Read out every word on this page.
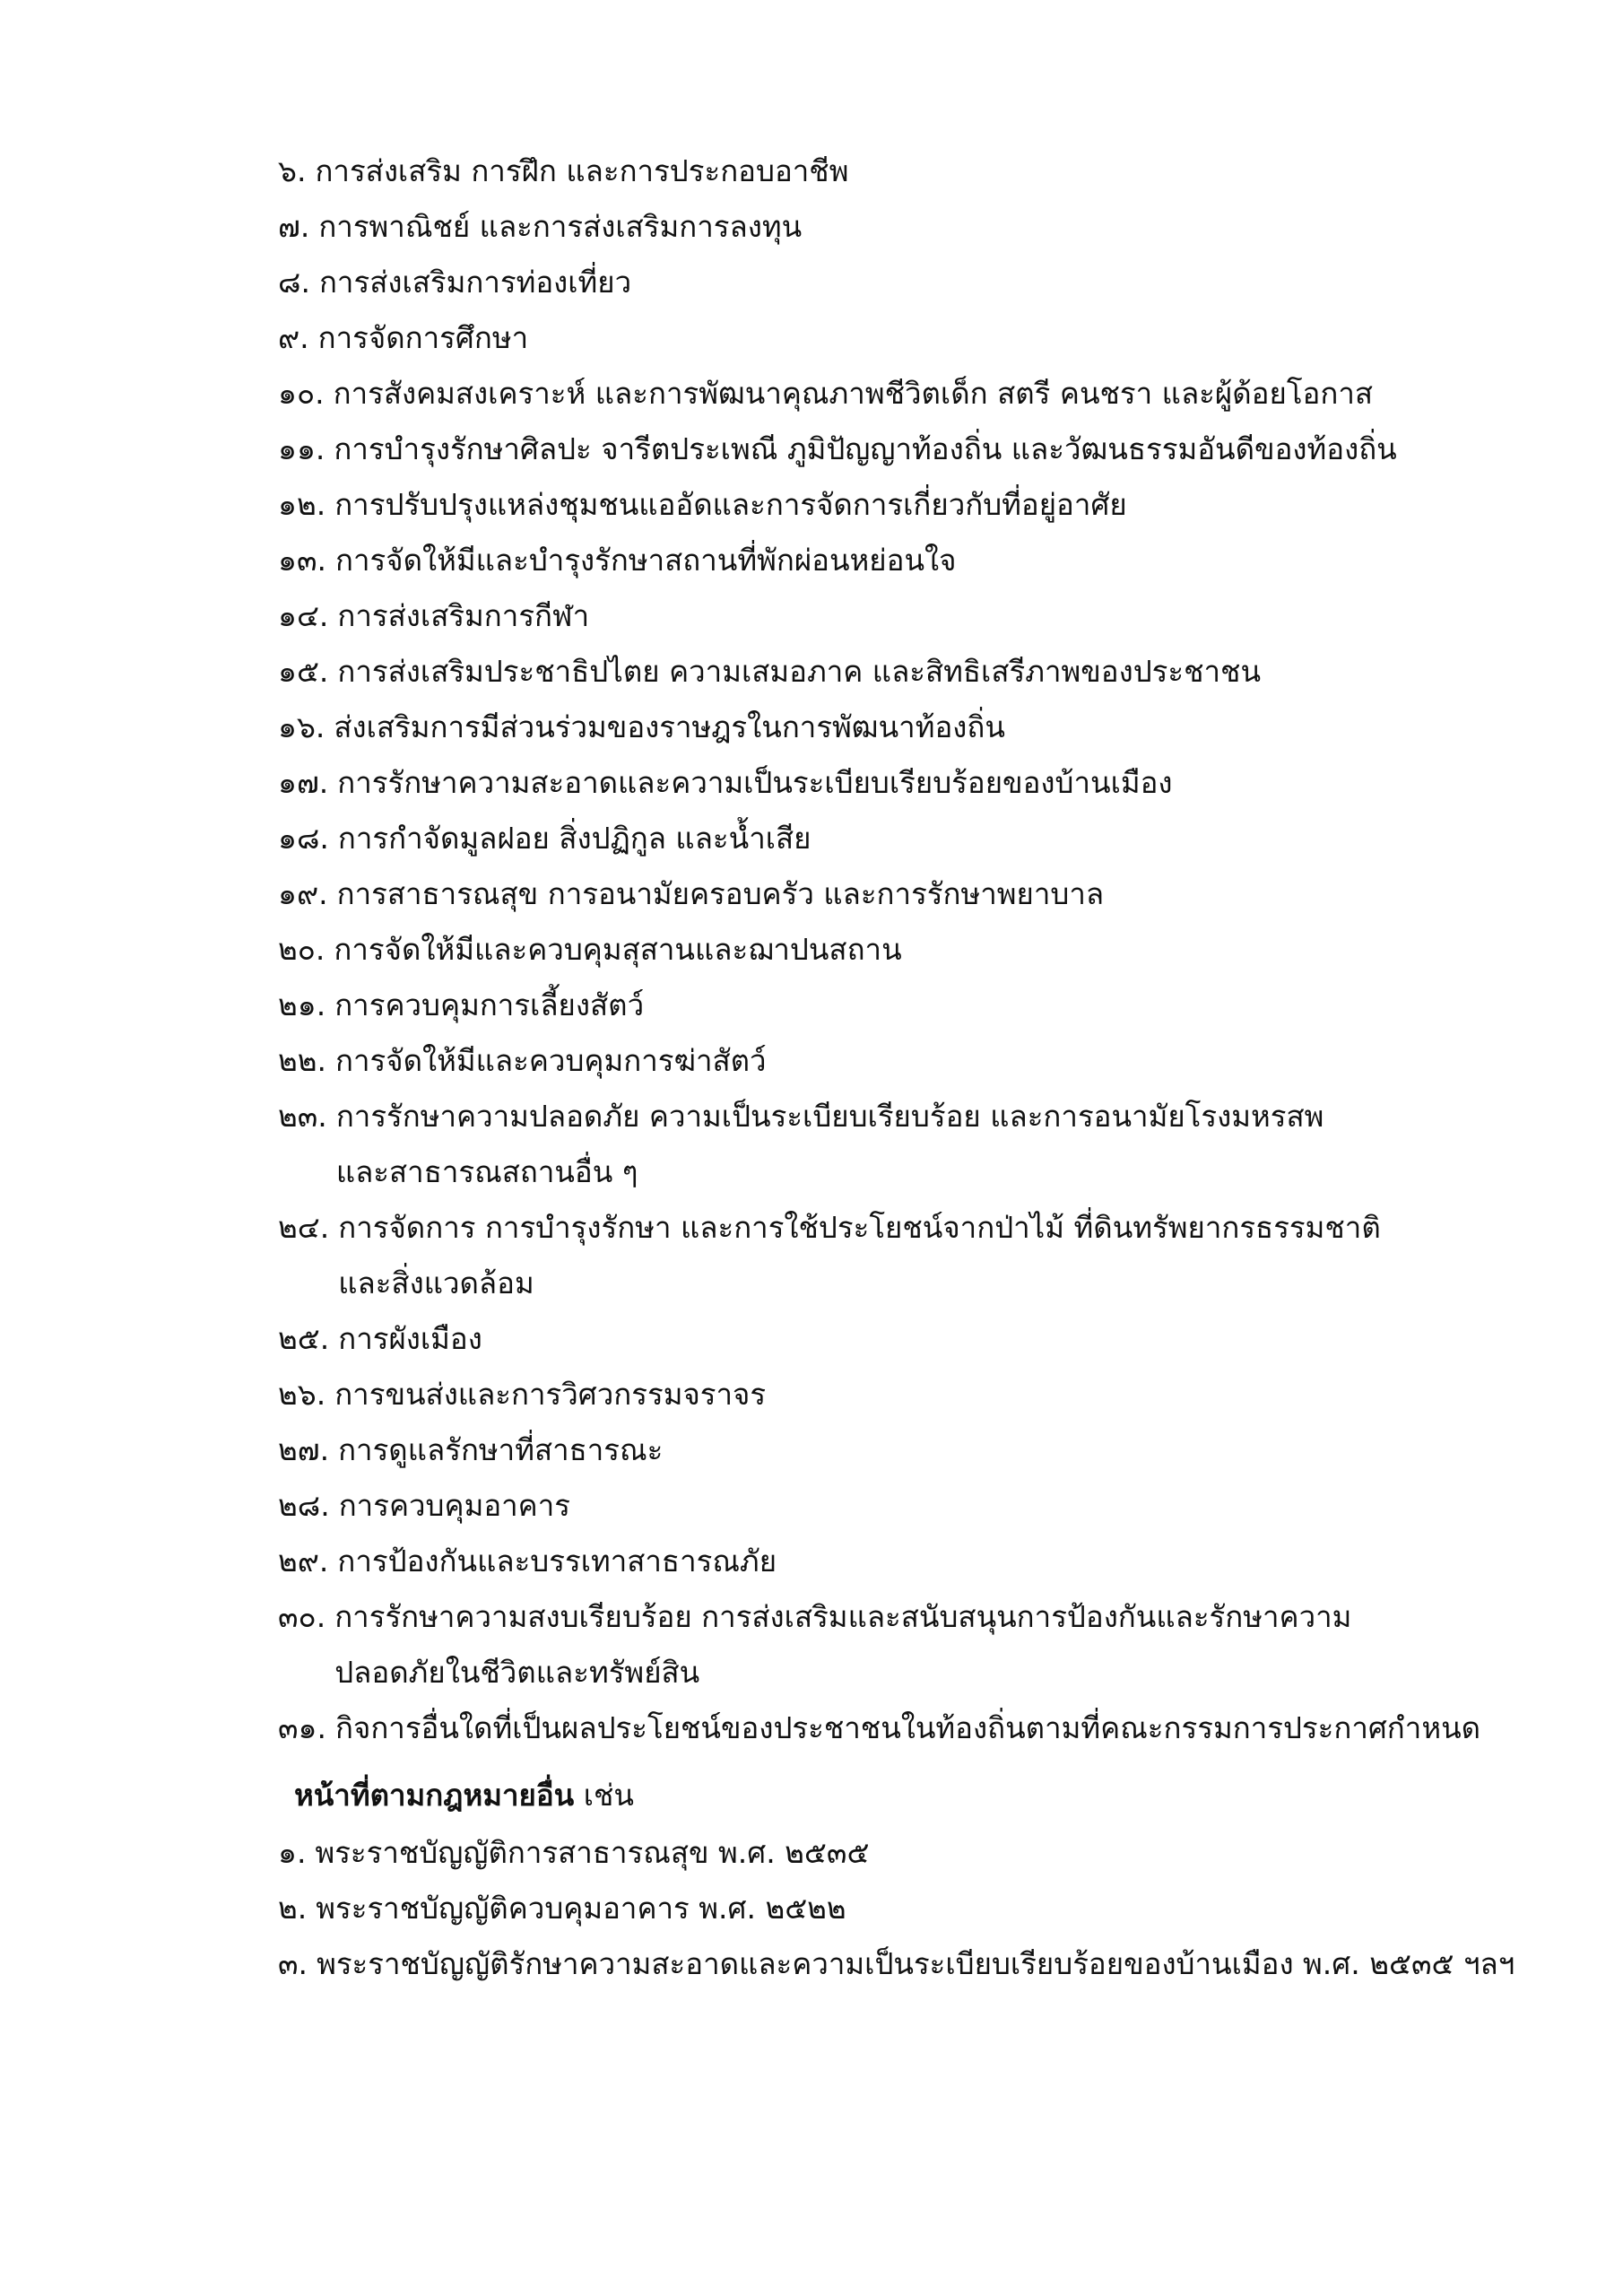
๖. การส่งเสริม การฝึก และการประกอบอาชีพ
๗. การพาณิชย์ และการส่งเสริมการลงทุน
๘. การส่งเสริมการท่องเที่ยว
๙. การจัดการศึกษา
๑๐. การสังคมสงเคราะห์ และการพัฒนาคุณภาพชีวิตเด็ก สตรี คนชรา และผู้ด้อยโอกาส
๑๑. การบำรุงรักษาศิลปะ จารีตประเพณี ภูมิปัญญาท้องถิ่น และวัฒนธรรมอันดีของท้องถิ่น
๑๒. การปรับปรุงแหล่งชุมชนแออัดและการจัดการเกี่ยวกับที่อยู่อาศัย
๑๓. การจัดให้มีและบำรุงรักษาสถานที่พักผ่อนหย่อนใจ
๑๔. การส่งเสริมการกีฬา
๑๕. การส่งเสริมประชาธิปไตย ความเสมอภาค และสิทธิเสรีภาพของประชาชน
๑๖. ส่งเสริมการมีส่วนร่วมของราษฎรในการพัฒนาท้องถิ่น
๑๗. การรักษาความสะอาดและความเป็นระเบียบเรียบร้อยของบ้านเมือง
๑๘. การกำจัดมูลฝอย สิ่งปฏิกูล และน้ำเสีย
๑๙. การสาธารณสุข การอนามัยครอบครัว และการรักษาพยาบาล
๒๐. การจัดให้มีและควบคุมสุสานและฌาปนสถาน
๒๑. การควบคุมการเลี้ยงสัตว์
๒๒. การจัดให้มีและควบคุมการฆ่าสัตว์
๒๓. การรักษาความปลอดภัย ความเป็นระเบียบเรียบร้อย และการอนามัยโรงมหรสพ
และสาธารณสถานอื่น ๆ
๒๔. การจัดการ การบำรุงรักษา และการใช้ประโยชน์จากป่าไม้ ที่ดินทรัพยากรธรรมชาติ
และสิ่งแวดล้อม
๒๕. การผังเมือง
๒๖. การขนส่งและการวิศวกรรมจราจร
๒๗. การดูแลรักษาที่สาธารณะ
๒๘. การควบคุมอาคาร
๒๙. การป้องกันและบรรเทาสาธารณภัย
๓๐. การรักษาความสงบเรียบร้อย การส่งเสริมและสนับสนุนการป้องกันและรักษาความ
ปลอดภัยในชีวิตและทรัพย์สิน
๓๑. กิจการอื่นใดที่เป็นผลประโยชน์ของประชาชนในท้องถิ่นตามที่คณะกรรมการประกาศกำหนด
หน้าที่ตามกฎหมายอื่น เช่น
๑. พระราชบัญญัติการสาธารณสุข พ.ศ. ๒๕๓๕
๒. พระราชบัญญัติควบคุมอาคาร พ.ศ. ๒๕๒๒
๓. พระราชบัญญัติรักษาความสะอาดและความเป็นระเบียบเรียบร้อยของบ้านเมือง พ.ศ. ๒๕๓๕ ฯลฯ
